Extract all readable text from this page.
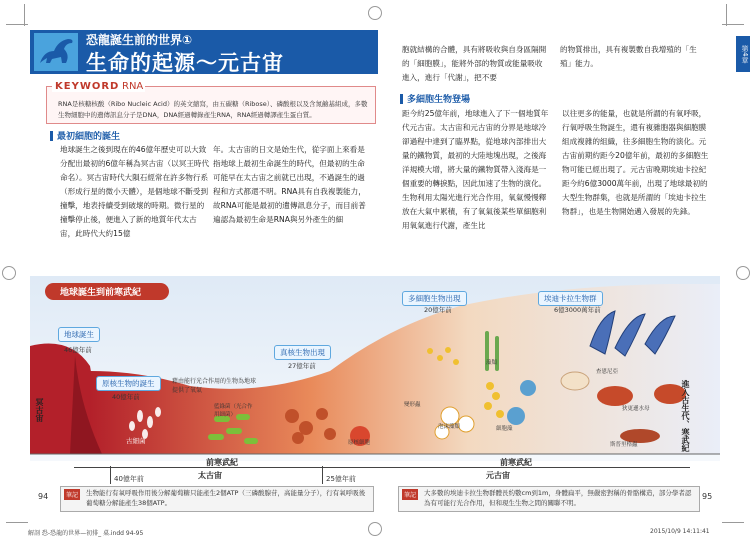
恐龍誕生前的世界①
生命的起源～元古宙
KEYWORD RNA
RNA是核糖核酸（Ribo Nucleic Acid）的英文縮寫，由五碳糖（Ribose）、磷酸根以及含氮鹼基組成，多數生物細胞中的遺傳訊息分子是DNA，DNA經過轉錄產生RNA，RNA經過轉譯產生蛋白質。
最初細胞的誕生
地球誕生之後到現在的46億年歷史可以大致分配出最初的6億年稱為冥古宙（以冥王時代命名）。冥古宙時代大隕石經常在許多物行系（形成行星的微小天體），是個地球不斷受到撞擊，地表持續受到破壞的時期。微行星的撞擊停止後，便進入了新的地質年代太古宙，此時代大約15億
年。太古宙的日文是始生代，從字面上來看是指地球上最初生命誕生的時代，但最初的生命可能早在太古宙之前就已出現，不過誕生的過程和方式都還不明。RNA具有自我複製能力，故RNA可能是最初的遺傳訊息分子，而目前普遍認為最初生命是RNA與另外產生的細
第4章
胞就結構的合體，具有將吸收與自身區隔開的「細胞膜」，能將外部的物質或能量吸收進入，進行「代謝」，把不要
的物質排出，具有複製數自我增殖的「生殖」能力。
多細胞生物登場
距今約25億年前，地球進入了下一個地質年代元古宙。太古宙和元古宙的分界是地球冷卻過程中達到了臨界點，從地球內部排出大量的鐵物質，最初的大陸地塊出現，之後海洋規模大增，將大量的鐵物質帶入淺海是一個重要的轉捩點，因此加速了生物的演化。生物利用太陽光進行光合作用，氧氣慢慢釋放在大氣中累積，有了氧氣後某些單細胞利用氧氣進行代謝，產生比
以往更多的能量，也就是所謂的有氧呼吸，行氧呼吸生物誕生，還有複雜胞器與細胞膜組成複雜的組織，往多細胞生物的演化。元古宙前期約距今20億年前，最初的多細胞生物可能已經出現了。元古宙晚期埃迪卡拉紀距今約6億3000萬年前，出現了地球最初的大型生物群集，也就是所謂的「埃迪卡拉生物群」，也是生物開始邁入發展的先鋒。
地球誕生到前寒武紀
地球誕生
46億年前
原核生物的誕生
40億年前
真核生物出現
27億年前
多細胞生物出現
20億年前
埃迪卡拉生物群
6億3000萬年前
古細菌
藉由能行光合作用的生物為地球提供了氧氣
藍綠菌（光合作用細菌）
原核細胞
藻類
變形蟲
泡沫藻類	細胞藻
查恩尼亞
狄更遜水母
斯普里格蟲
冥古宙
前寒武紀	前寒武紀
太古宙	元古宙
40億年前	25億年前
進入古生代、寒武紀
94	95
筆記	生物能行有氧呼吸作用後分解葡萄糖只能產生2個ATP（三磷酸腺苷，高能量分子），行有氧呼吸後葡萄糖分解能產生38個ATP。
筆記	大多數的埃迪卡拉生物群體長約數cm到1m，身體扁平，無嚴密對稱的骨骼構造，部分學者認為有可能行光合作用，但和現生生物之間的關聯不明。
解剖 恐-恐龍的世界—初排_ 桌.indd 94-95	2015/10/9 14:11:41
